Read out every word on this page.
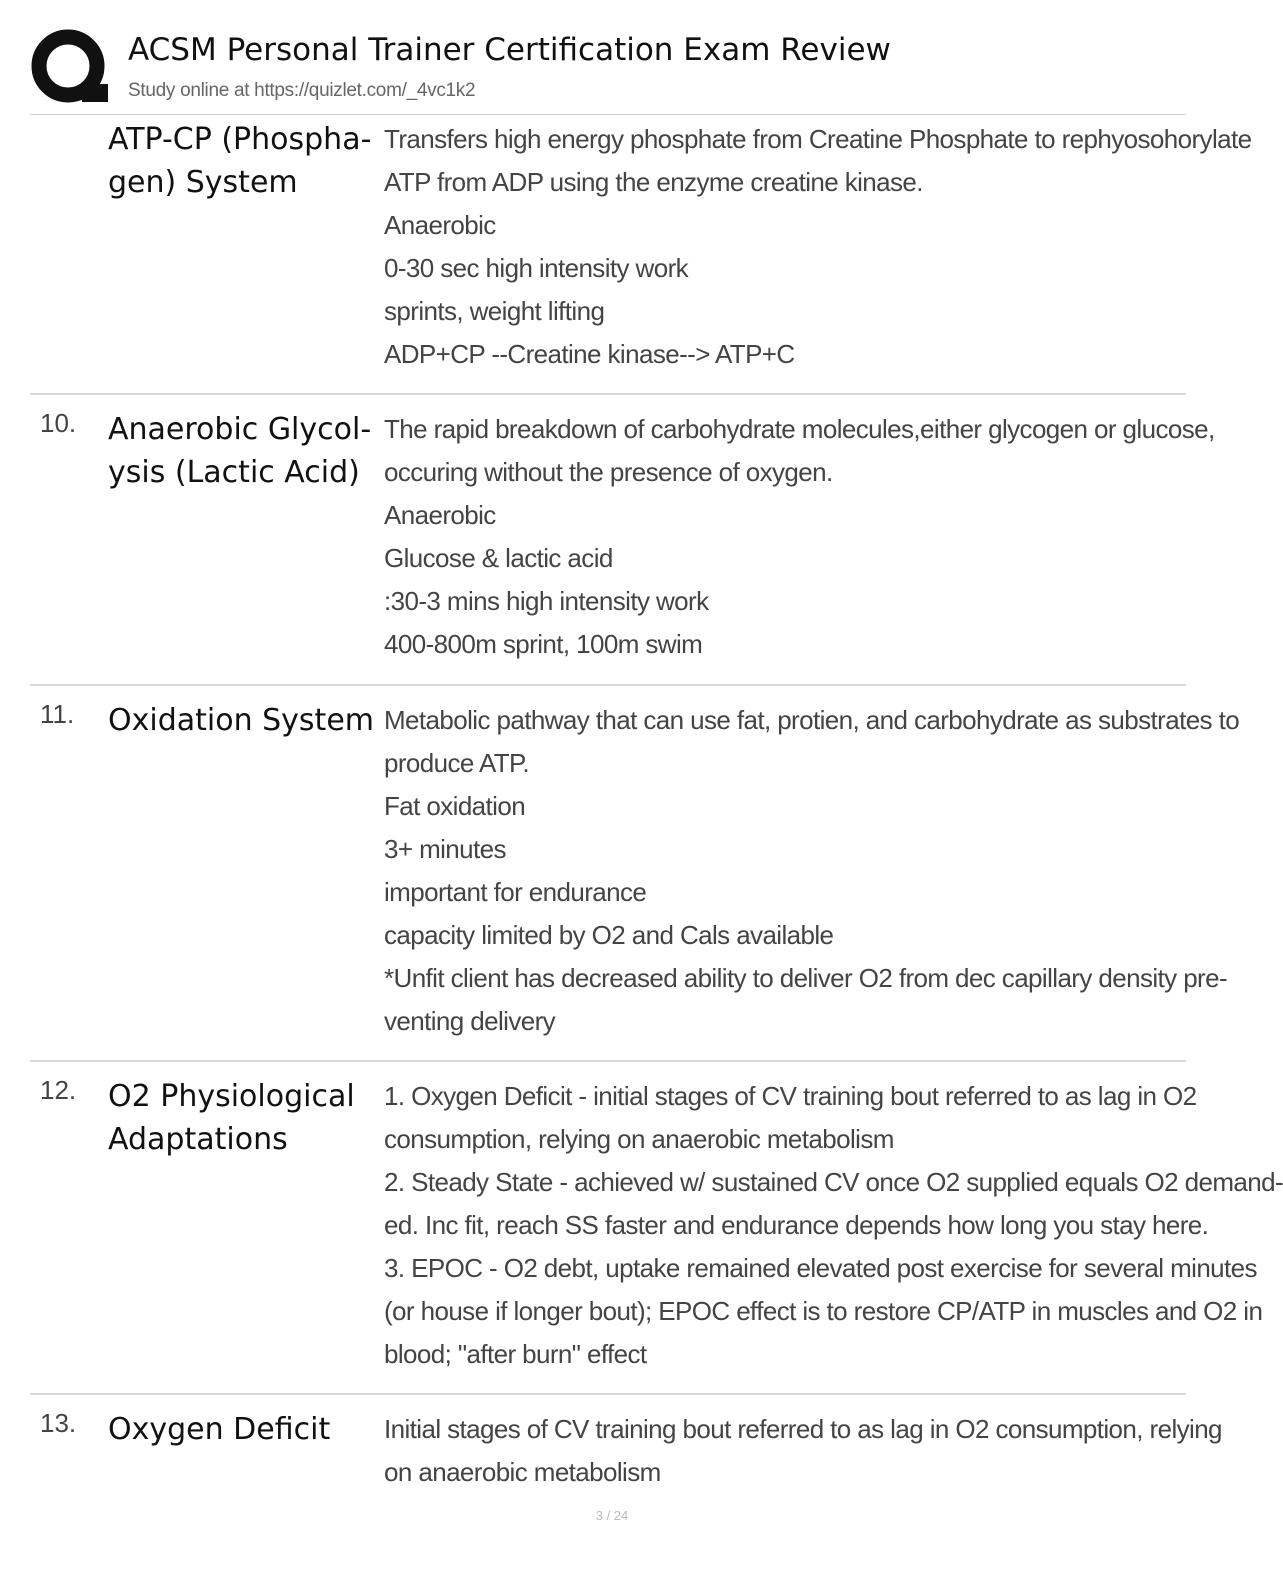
ACSM Personal Trainer Certification Exam Review
Study online at https://quizlet.com/_4vc1k2
ATP-CP (Phospha-gen) System
Transfers high energy phosphate from Creatine Phosphate to rephyosohorylate
ATP from ADP using the enzyme creatine kinase.
Anaerobic
0-30 sec high intensity work
sprints, weight lifting
ADP+CP --Creatine kinase--> ATP+C
10. Anaerobic Glycol-ysis (Lactic Acid)
The rapid breakdown of carbohydrate molecules,either glycogen or glucose,
occuring without the presence of oxygen.
Anaerobic
Glucose & lactic acid
:30-3 mins high intensity work
400-800m sprint, 100m swim
11. Oxidation System Metabolic pathway that can use fat, protien, and carbohydrate as substrates to
produce ATP.
Fat oxidation
3+ minutes
important for endurance
capacity limited by O2 and Cals available
*Unfit client has decreased ability to deliver O2 from dec capillary density pre-
venting delivery
12. O2 Physiological Adaptations
1. Oxygen Deficit - initial stages of CV training bout referred to as lag in O2
consumption, relying on anaerobic metabolism
2. Steady State - achieved w/ sustained CV once O2 supplied equals O2 demand-
ed. Inc fit, reach SS faster and endurance depends how long you stay here.
3. EPOC - O2 debt, uptake remained elevated post exercise for several minutes
(or house if longer bout); EPOC effect is to restore CP/ATP in muscles and O2 in
blood; "after burn" effect
13. Oxygen Deficit	Initial stages of CV training bout referred to as lag in O2 consumption, relying
on anaerobic metabolism
3 / 24
